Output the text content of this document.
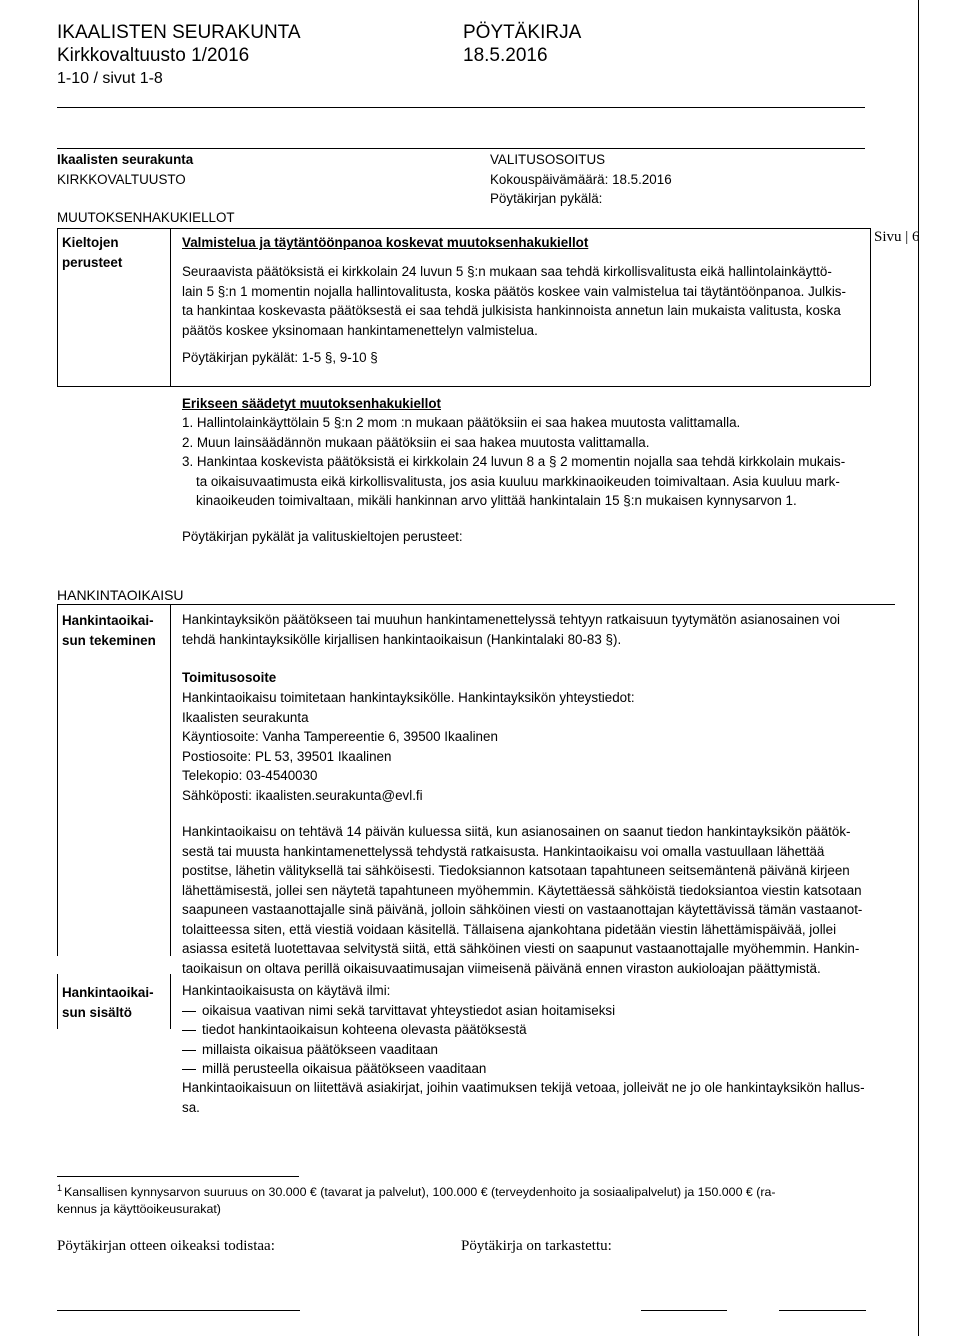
IKAALISTEN SEURAKUNTA	PÖYTÄKIRJA
Kirkkovaltuusto 1/2016	18.5.2016
1-10 / sivut 1-8
Sivu | 6
Ikaalisten seurakunta	VALITUSOSOITUS
KIRKKOVALTUUSTO	Kokouspäivämäärä: 18.5.2016
Pöytäkirjan pykälä:
MUUTOKSENHAKUKIELLOT
Kieltojen
perusteet
Valmistelua ja täytäntöönpanoa koskevat muutoksenhakukiellot
Seuraavista päätöksistä ei kirkkolain 24 luvun 5 §:n mukaan saa tehdä kirkollisvalitusta eikä hallintolainkäyttö-
lain 5 §:n 1 momentin nojalla hallintovalitusta, koska päätös koskee vain valmistelua tai täytäntöönpanoa. Julkis-
ta hankintaa koskevasta päätöksestä ei saa tehdä julkisista hankinnoista annetun lain mukaista valitusta, koska
päätös koskee yksinomaan hankintamenettelyn valmistelua.
Pöytäkirjan pykälät: 1-5 §, 9-10 §
Erikseen säädetyt muutoksenhakukiellot
1. Hallintolainkäyttölain 5 §:n 2 mom :n mukaan päätöksiin ei saa hakea muutosta valittamalla.
2. Muun lainsäädännön mukaan päätöksiin ei saa hakea muutosta valittamalla.
3. Hankintaa koskevista päätöksistä ei kirkkolain 24 luvun 8 a § 2 momentin nojalla saa tehdä kirkkolain mukais-
ta oikaisuvaatimusta eikä kirkollisvalitusta, jos asia kuuluu markkinaoikeuden toimivaltaan. Asia kuuluu mark-
kinaoikeuden toimivaltaan, mikäli hankinnan arvo ylittää hankintalain 15 §:n mukaisen kynnysarvon 1.
Pöytäkirjan pykälät ja valituskieltojen perusteet:
HANKINTAOIKAISU
Hankintaoikai-
sun tekeminen
Hankintayksikön päätökseen tai muuhun hankintamenettelyssä tehtyyn ratkaisuun tyytymätön asianosainen voi
tehdä hankintayksikölle kirjallisen hankintaoikaisun (Hankintalaki 80-83 §).
Toimitusosoite
Hankintaoikaisu toimitetaan hankintayksikölle. Hankintayksikön yhteystiedot:
Ikaalisten seurakunta
Käyntiosoite: Vanha Tampereentie 6, 39500 Ikaalinen
Postiosoite: PL 53, 39501 Ikaalinen
Telekopio: 03-4540030
Sähköposti: ikaalisten.seurakunta@evl.fi
Hankintaoikaisu on tehtävä 14 päivän kuluessa siitä, kun asianosainen on saanut tiedon hankintayksikön päätök-
sestä tai muusta hankintamenettelyssä tehdystä ratkaisusta. Hankintaoikaisu voi omalla vastuullaan lähettää
postitse, lähetin välityksellä tai sähköisesti. Tiedoksiannon katsotaan tapahtuneen seitsemäntenä päivänä kirjeen
lähettämisestä, jollei sen näytetä tapahtuneen myöhemmin. Käytettäessä sähköistä tiedoksiantoa viestin katsotaan
saapuneen vastaanottajalle sinä päivänä, jolloin sähköinen viesti on vastaanottajan käytettävissä tämän vastaanot-
tolaitteessa siten, että viestiä voidaan käsitellä. Tällaisena ajankohtana pidetään viestin lähettämispäivää, jollei
asiassa esitetä luotettavaa selvitystä siitä, että sähköinen viesti on saapunut vastaanottajalle myöhemmin. Hankin-
taoikaisun on oltava perillä oikaisuvaatimusajan viimeisenä päivänä ennen viraston aukioloajan päättymistä.
Hankintaoikai-
sun sisältö
Hankintaoikaisusta on käytävä ilmi:
oikaisua vaativan nimi sekä tarvittavat yhteystiedot asian hoitamiseksi
tiedot hankintaoikaisun kohteena olevasta päätöksestä
millaista oikaisua päätökseen vaaditaan
millä perusteella oikaisua päätökseen vaaditaan
Hankintaoikaisuun on liitettävä asiakirjat, joihin vaatimuksen tekijä vetoaa, jolleivät ne jo ole hankintayksikön hallus-
sa.
1 Kansallisen kynnysarvon suuruus on 30.000 € (tavarat ja palvelut), 100.000 € (terveydenhoito ja sosiaalipalvelut) ja 150.000 € (ra-
kennus ja käyttöoikeusurakat)
Pöytäkirjan otteen oikeaksi todistaa:	Pöytäkirja on tarkastettu:
